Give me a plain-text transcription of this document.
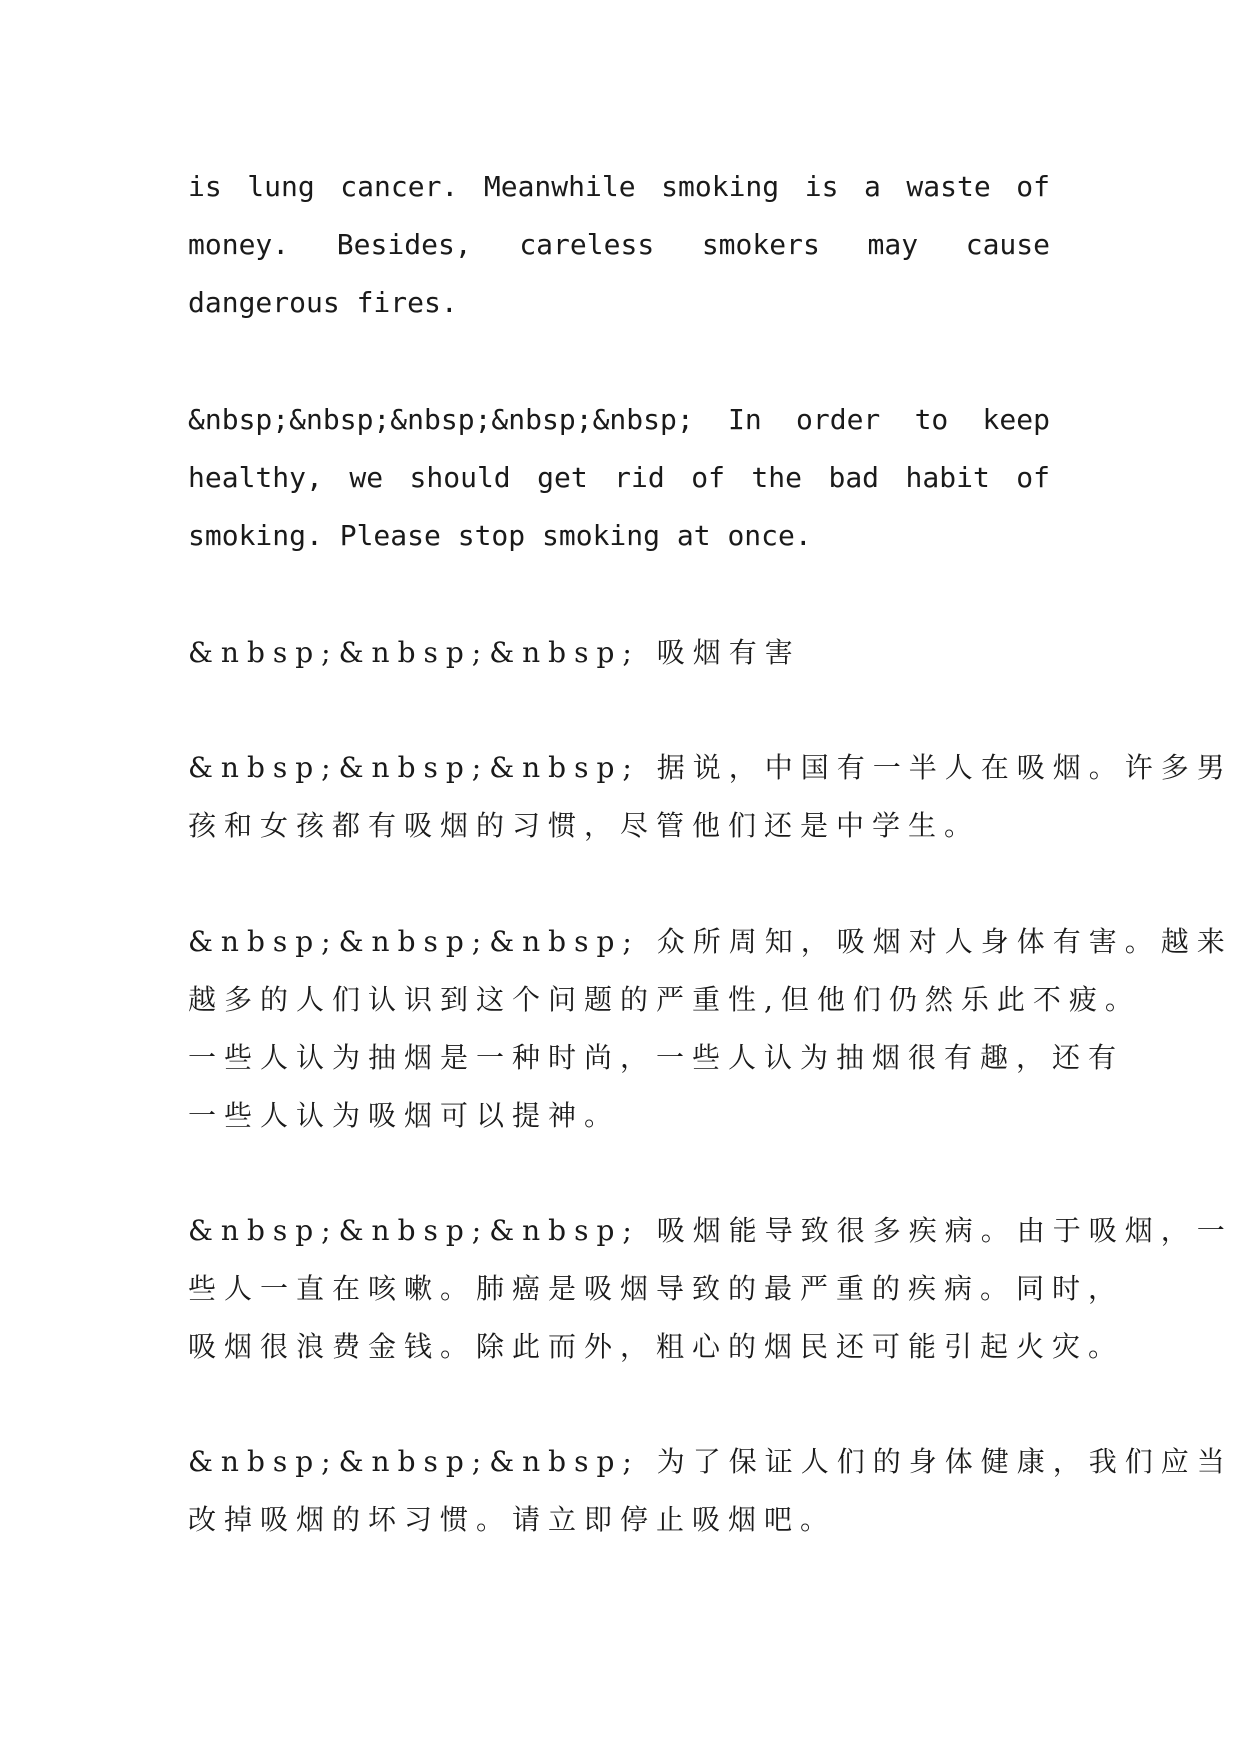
is lung cancer. Meanwhile smoking is a waste of
money. Besides, careless smokers may cause
dangerous fires.
&nbsp;&nbsp;&nbsp;&nbsp;&nbsp; In order to keep
healthy, we should get rid of the bad habit of
smoking. Please stop smoking at once.
&nbsp;&nbsp;&nbsp; 吸烟有害
&nbsp;&nbsp;&nbsp; 据说，中国有一半人在吸烟。许多男
孩和女孩都有吸烟的习惯，尽管他们还是中学生。
&nbsp;&nbsp;&nbsp; 众所周知，吸烟对人身体有害。越来
越多的人们认识到这个问题的严重性,但他们仍然乐此不疲。
一些人认为抽烟是一种时尚，一些人认为抽烟很有趣，还有
一些人认为吸烟可以提神。
&nbsp;&nbsp;&nbsp; 吸烟能导致很多疾病。由于吸烟，一
些人一直在咳嗽。肺癌是吸烟导致的最严重的疾病。同时，
吸烟很浪费金钱。除此而外，粗心的烟民还可能引起火灾。
&nbsp;&nbsp;&nbsp; 为了保证人们的身体健康，我们应当
改掉吸烟的坏习惯。请立即停止吸烟吧。
